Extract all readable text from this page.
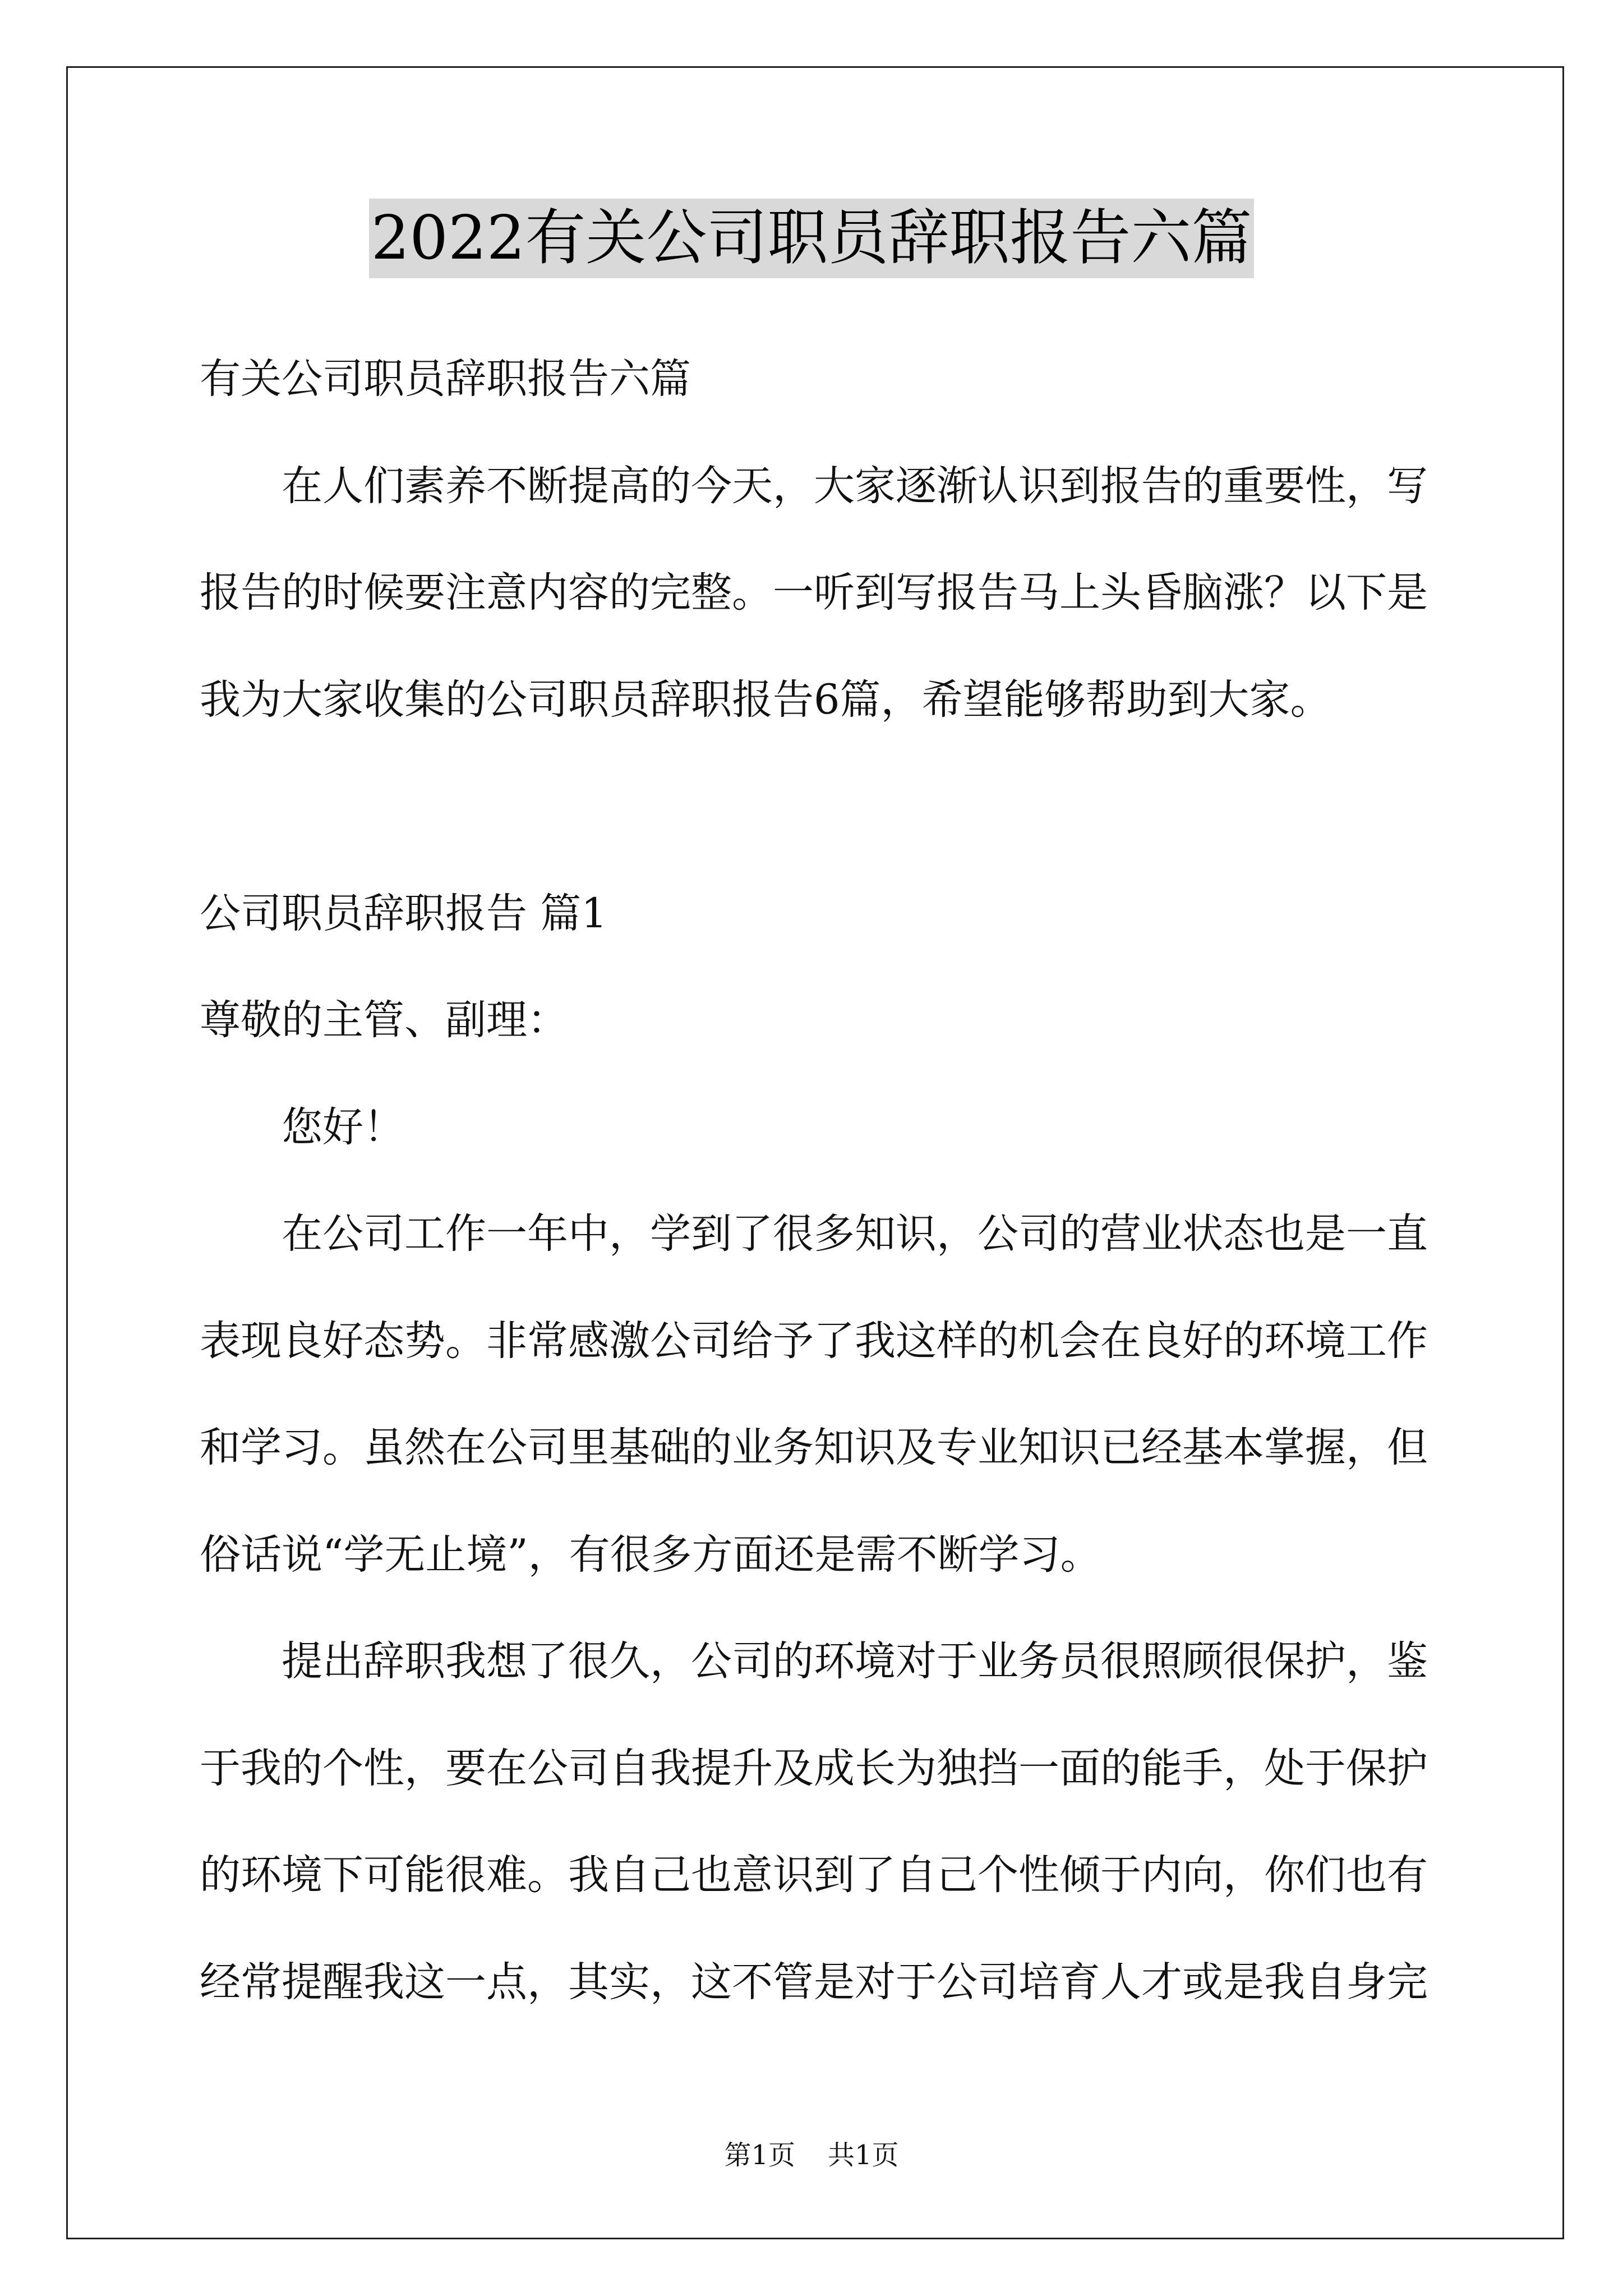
2022有关公司职员辞职报告六篇
有关公司职员辞职报告六篇
在人们素养不断提高的今天，大家逐渐认识到报告的重要性，写
报告的时候要注意内容的完整。一听到写报告马上头昏脑涨？以下是
我为大家收集的公司职员辞职报告6篇，希望能够帮助到大家。
公司职员辞职报告 篇1
尊敬的主管、副理：
您好！
在公司工作一年中，学到了很多知识，公司的营业状态也是一直
表现良好态势。非常感激公司给予了我这样的机会在良好的环境工作
和学习。虽然在公司里基础的业务知识及专业知识已经基本掌握，但
俗话说“学无止境”，有很多方面还是需不断学习。
提出辞职我想了很久，公司的环境对于业务员很照顾很保护，鉴
于我的个性，要在公司自我提升及成长为独挡一面的能手，处于保护
的环境下可能很难。我自己也意识到了自己个性倾于内向，你们也有
经常提醒我这一点，其实，这不管是对于公司培育人才或是我自身完
第1页 共1页
